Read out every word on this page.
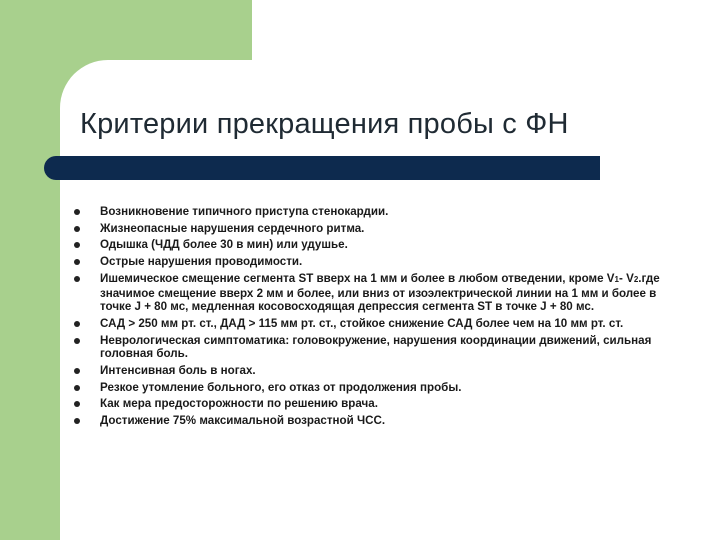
Критерии прекращения пробы с ФН
Возникновение типичного приступа стенокардии.
Жизнеопасные нарушения сердечного ритма.
Одышка (ЧДД более 30 в мин) или удушье.
Острые нарушения проводимости.
Ишемическое смещение сегмента ST вверх на 1 мм и более в любом отведении, кроме V1- V2.где значимое смещение вверх 2 мм и более, или вниз от изоэлектрической линии на 1 мм и более в точке J + 80 мс, медленная косовосходящая депрессия сегмента ST в точке J + 80 мс.
САД > 250 мм рт. ст., ДАД > 115 мм рт. ст., стойкое снижение САД более чем на 10 мм рт. ст.
Неврологическая симптоматика: головокружение, нарушения координации движений, сильная головная боль.
Интенсивная боль в ногах.
Резкое утомление больного, его отказ от продолжения пробы.
Как мера предосторожности по решению врача.
Достижение 75% максимальной возрастной ЧСС.
